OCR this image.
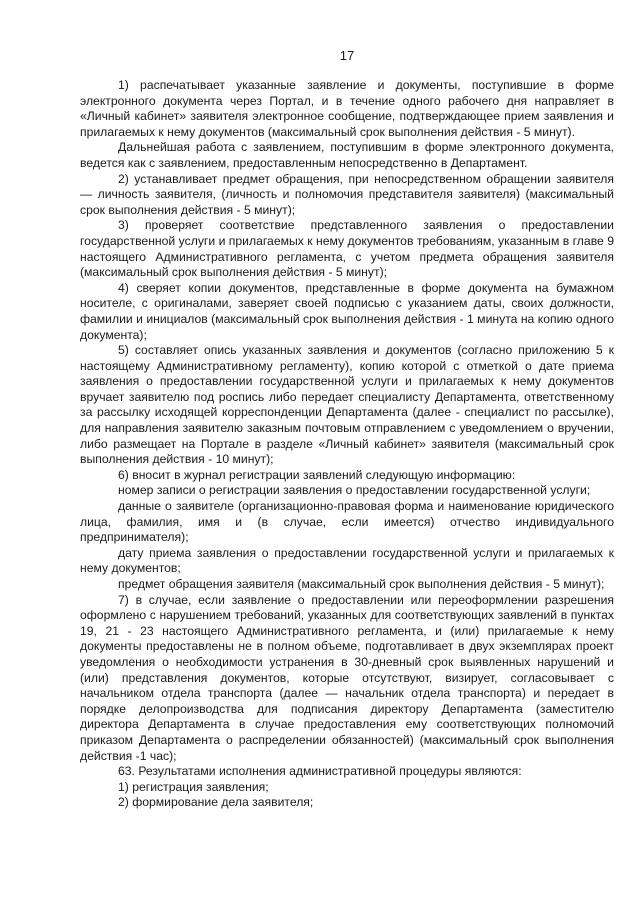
17

1) распечатывает указанные заявление и документы, поступившие в форме электронного документа через Портал, и в течение одного рабочего дня направляет в «Личный кабинет» заявителя электронное сообщение, подтверждающее прием заявления и прилагаемых к нему документов (максимальный срок выполнения действия - 5 минут).

Дальнейшая работа с заявлением, поступившим в форме электронного документа, ведется как с заявлением, предоставленным непосредственно в Департамент.

2) устанавливает предмет обращения, при непосредственном обращении заявителя — личность заявителя, (личность и полномочия представителя заявителя) (максимальный срок выполнения действия - 5 минут);

3) проверяет соответствие представленного заявления о предоставлении государственной услуги и прилагаемых к нему документов требованиям, указанным в главе 9 настоящего Административного регламента, с учетом предмета обращения заявителя (максимальный срок выполнения действия - 5 минут);

4) сверяет копии документов, представленные в форме документа на бумажном носителе, с оригиналами, заверяет своей подписью с указанием даты, своих должности, фамилии и инициалов (максимальный срок выполнения действия - 1 минута на копию одного документа);

5) составляет опись указанных заявления и документов (согласно приложению 5 к настоящему Административному регламенту), копию которой с отметкой о дате приема заявления о предоставлении государственной услуги и прилагаемых к нему документов вручает заявителю под роспись либо передает специалисту Департамента, ответственному за рассылку исходящей корреспонденции Департамента (далее - специалист по рассылке), для направления заявителю заказным почтовым отправлением с уведомлением о вручении, либо размещает на Портале в разделе «Личный кабинет» заявителя (максимальный срок выполнения действия - 10 минут);

6) вносит в журнал регистрации заявлений следующую информацию:

номер записи о регистрации заявления о предоставлении государственной услуги;

данные о заявителе (организационно-правовая форма и наименование юридического лица, фамилия, имя и (в случае, если имеется) отчество индивидуального предпринимателя);

дату приема заявления о предоставлении государственной услуги и прилагаемых к нему документов;

предмет обращения заявителя (максимальный срок выполнения действия - 5 минут);

7) в случае, если заявление о предоставлении или переоформлении разрешения оформлено с нарушением требований, указанных для соответствующих заявлений в пунктах 19, 21 - 23 настоящего Административного регламента, и (или) прилагаемые к нему документы предоставлены не в полном объеме, подготавливает в двух экземплярах проект уведомления о необходимости устранения в 30-дневный срок выявленных нарушений и (или) представления документов, которые отсутствуют, визирует, согласовывает с начальником отдела транспорта (далее — начальник отдела транспорта) и передает в порядке делопроизводства для подписания директору Департамента (заместителю директора Департамента в случае предоставления ему соответствующих полномочий приказом Департамента о распределении обязанностей) (максимальный срок выполнения действия -1 час);

63. Результатами исполнения административной процедуры являются:

1) регистрация заявления;

2) формирование дела заявителя;
